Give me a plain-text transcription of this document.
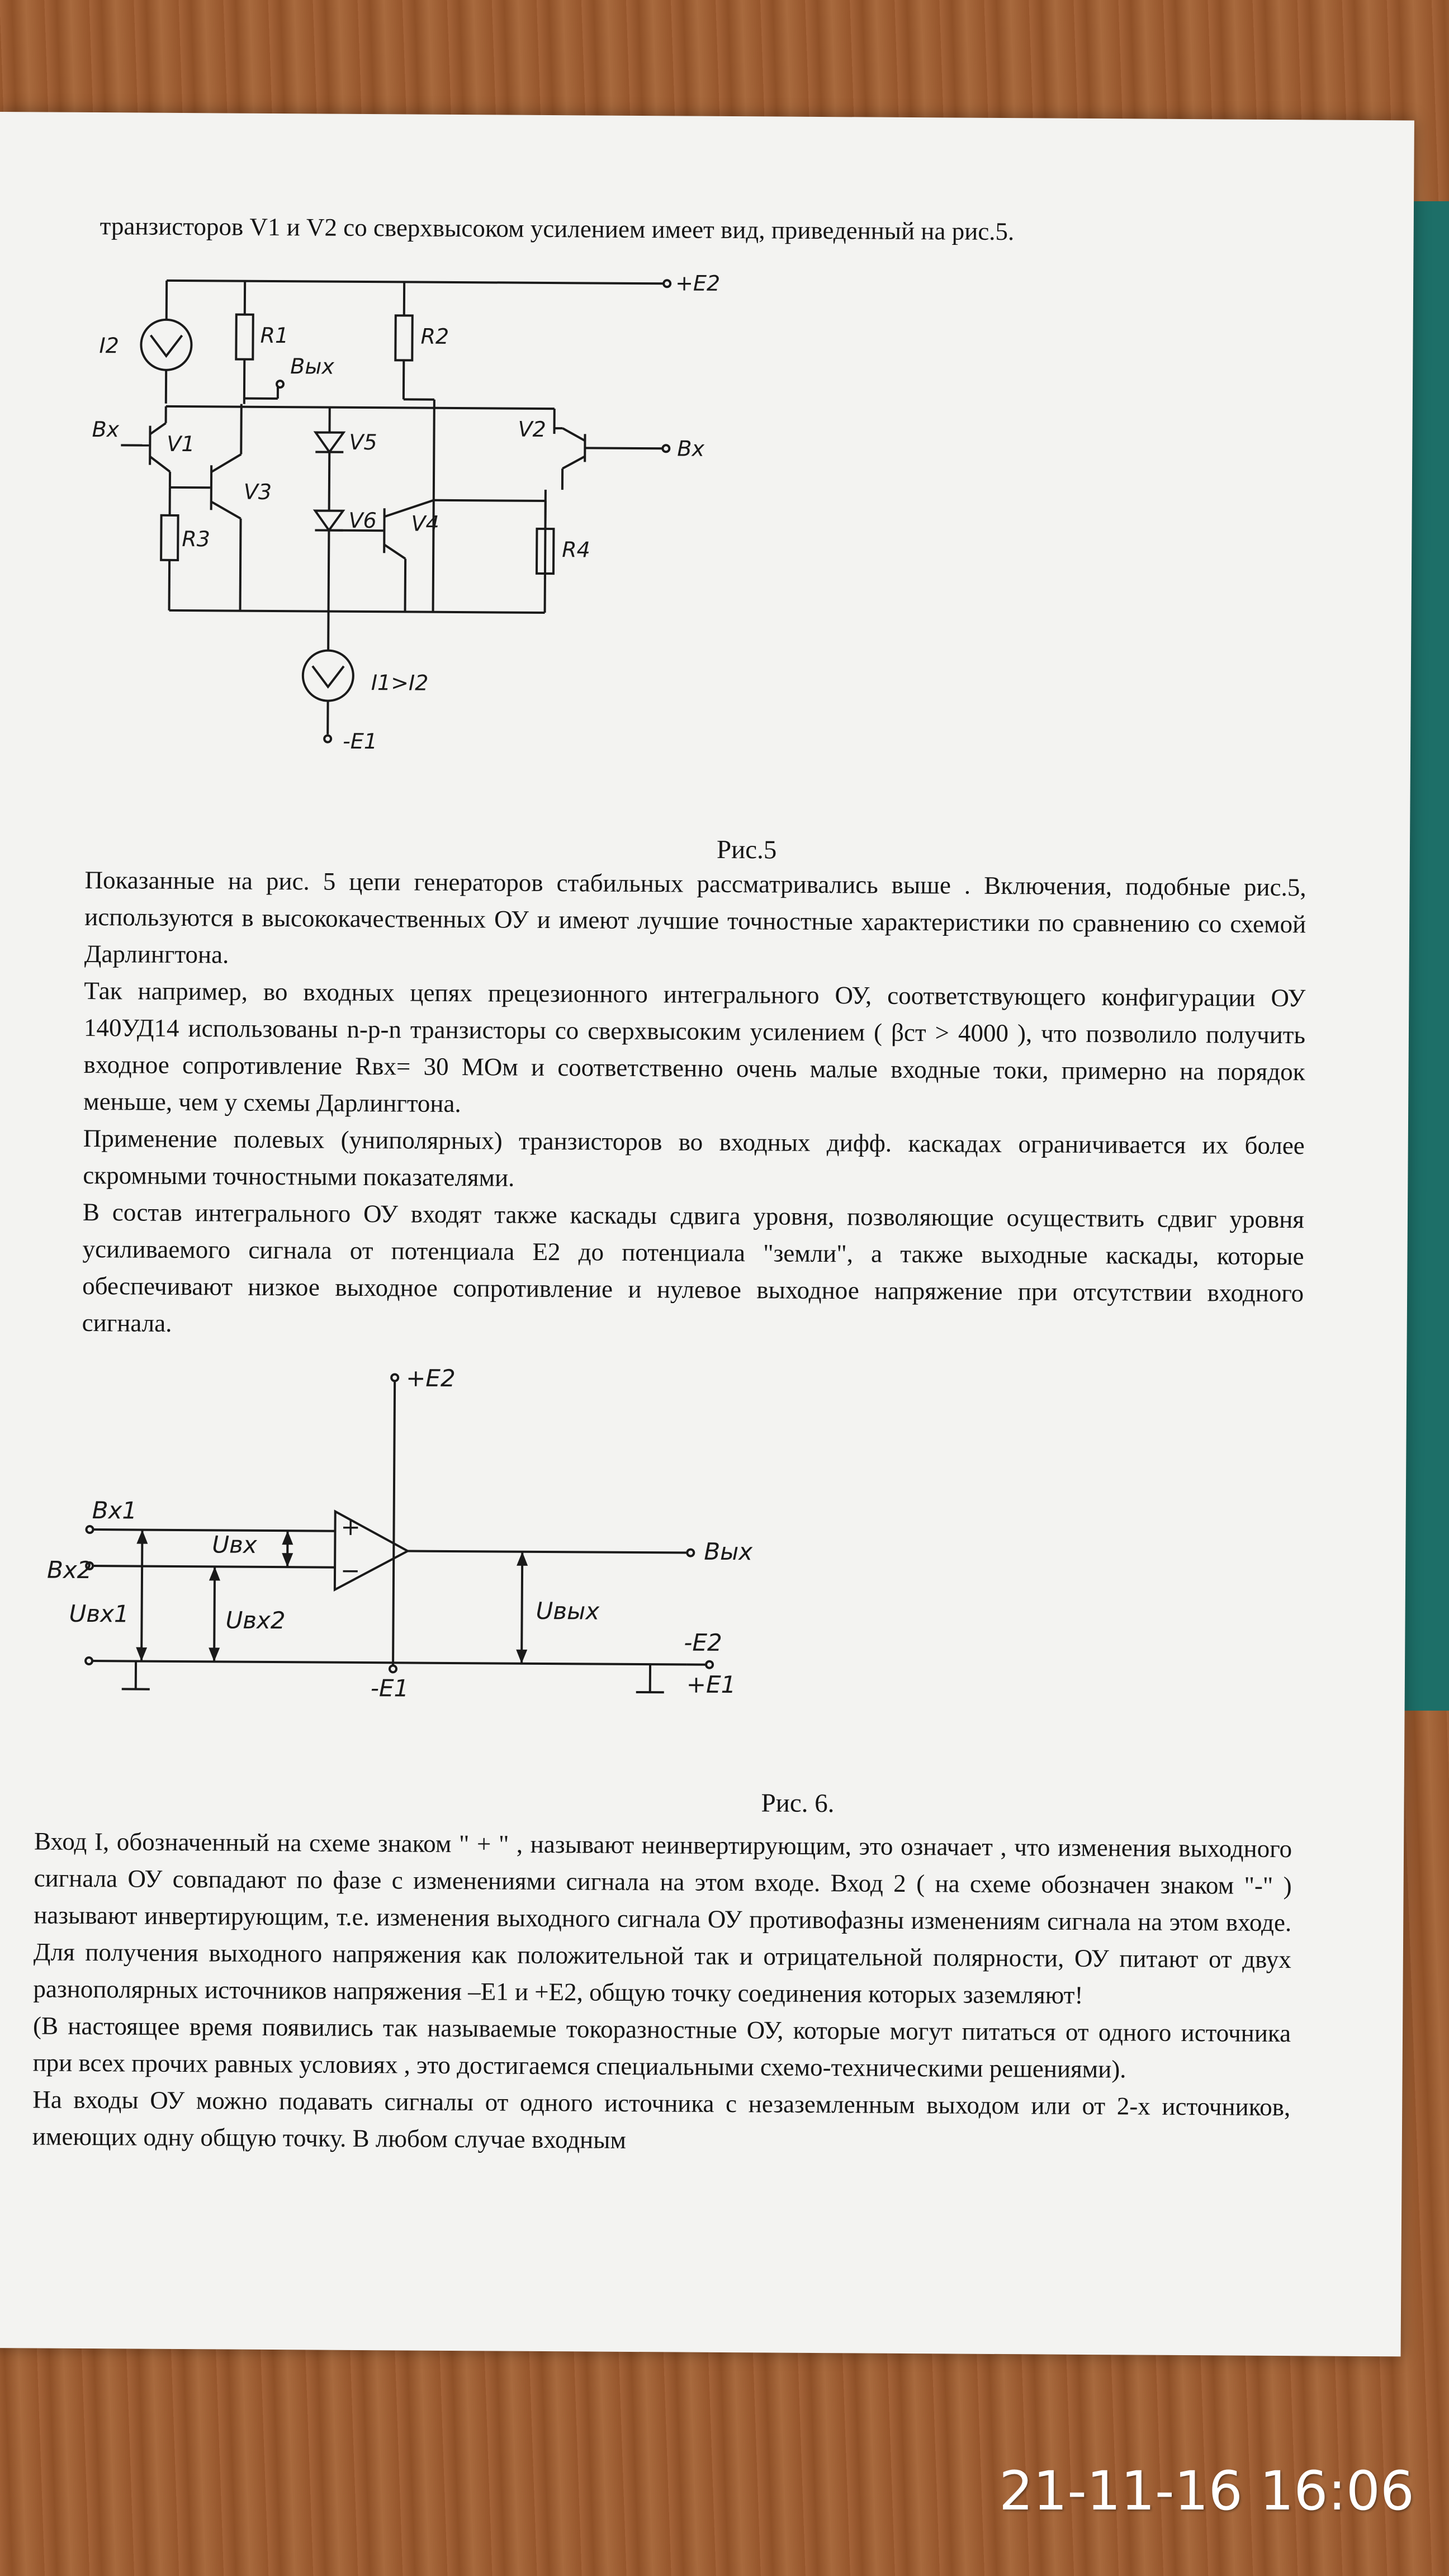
транзисторов V1 и V2 со сверхвысоком усилением имеет вид, приведенный на рис.5.

+E2
I2	R1
Вых
R2
Вх
V1
R3
V3
V5
V6 V4
V2
Вх
R4
I1>I2
-E1
Рис.5

Показанные на рис. 5 цепи генераторов стабильных рассматривались выше . Включения, подобные рис.5, используются в высококачественных ОУ и имеют лучшие точностные характеристики по сравнению со схемой Дарлингтона.

Так например, во входных цепях прецезионного интегрального ОУ, соответствующего конфигурации ОУ 140УД14 использованы n-p-n транзисторы со сверхвысоким усилением ( βст > 4000 ), что позволило получить входное сопротивление Rвх= 30 МОм и соответственно очень малые входные токи, примерно на порядок меньше, чем у схемы Дарлингтона.

Применение полевых (униполярных) транзисторов во входных дифф. каскадах ограничивается их более скромными точностными показателями.

В состав интегрального ОУ входят также каскады сдвига уровня, позволяющие осуществить сдвиг уровня усиливаемого сигнала от потенциала E2 до потенциала "земли", а также выходные каскады, которые обеспечивают низкое выходное сопротивление и нулевое выходное напряжение при отсутствии входного сигнала.

+E2
Вх1
Вх2
+
−
Uвх
Uвх1	Uвх2
Вых
Uвых
-E2
+E1
-E1
Рис. 6.

Вход I, обозначенный на схеме знаком " + " , называют неинвертирующим, это означает , что изменения выходного сигнала ОУ совпадают по фазе с изменениями сигнала на этом входе. Вход 2 ( на схеме обозначен знаком "-" ) называют инвертирующим, т.е. изменения выходного сигнала ОУ противофазны изменениям сигнала на этом входе. Для получения выходного напряжения как положительной так и отрицательной полярности, ОУ питают от двух разнополярных источников напряжения –E1 и +E2, общую точку соединения которых заземляют!

(В настоящее время появились так называемые токоразностные ОУ, которые могут питаться от одного источника при всех прочих равных условиях , это достигаемся специальными схемо-техническими решениями).

На входы ОУ можно подавать сигналы от одного источника с незаземленным выходом или от 2-х источников, имеющих одну общую точку. В любом случае входным

21-11-16 16:06
